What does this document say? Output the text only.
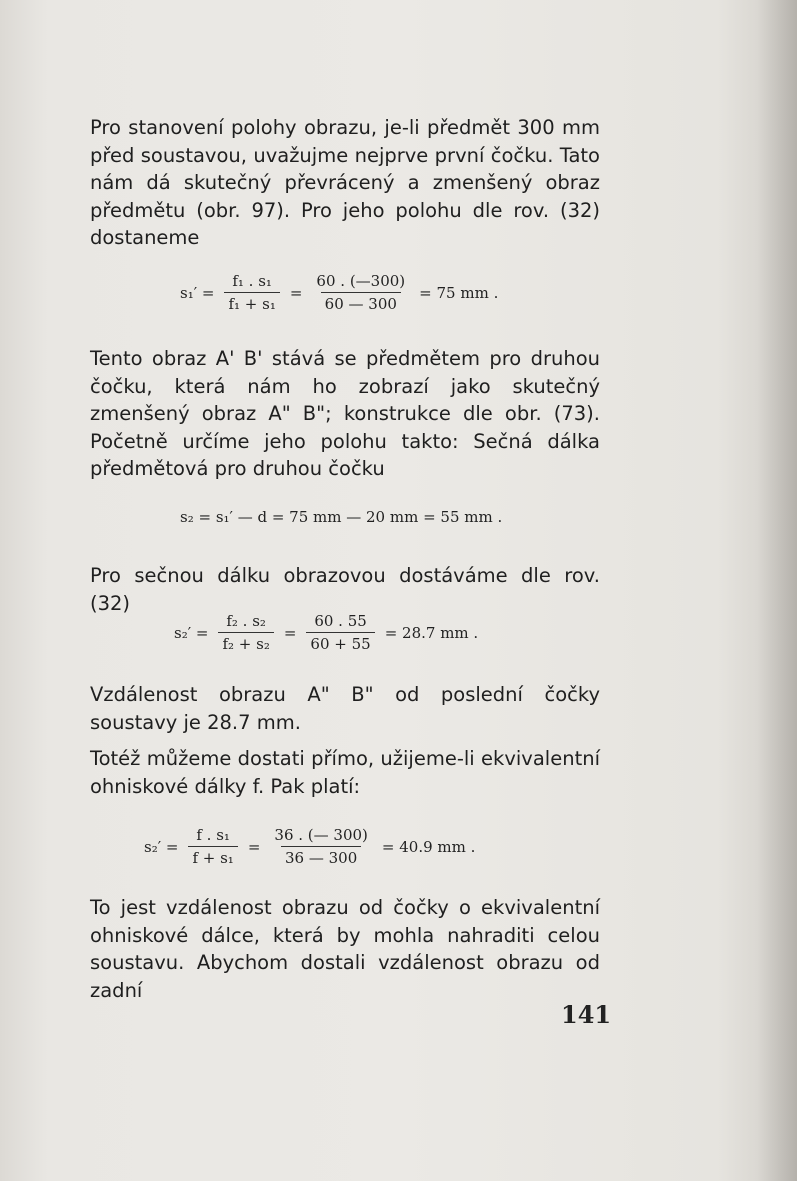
Pro stanovení polohy obrazu, je-li předmět 300 mm před soustavou, uvažujme nejprve první čočku. Tato nám dá skutečný převrácený a zmenšený obraz předmětu (obr. 97). Pro jeho polohu dle rov. (32) dostaneme

$s_1' = \frac{\text{f₁ . s₁}}{\text{f₁ + s₁}} = \frac{60 . (—300)}{60 — 300} = 75$ mm .

Tento obraz A' B' stává se předmětem pro druhou čočku, která nám ho zobrazí jako skutečný zmenšený obraz A" B"; konstrukce dle obr. (73). Početně určíme jeho polohu takto: Sečná dálka předmětová pro druhou čočku

s₂ = s₁′ — d = 75 mm — 20 mm = 55 mm .

Pro sečnou dálku obrazovou dostáváme dle rov. (32)

$s_2' = \frac{\text{f₂ . s₂}}{\text{f₂ + s₂}} = \frac{60 . 55}{60 + 55} = 28.7$ mm .

Vzdálenost obrazu A" B" od poslední čočky soustavy je 28.7 mm.

Totéž můžeme dostati přímo, užijeme-li ekvivalentní ohniskové dálky f. Pak platí:

$s_2' = \frac{\text{f . s₁}}{\text{f + s₁}} = \frac{36 . (— 300)}{36 — 300} = 40.9$ mm .

To jest vzdálenost obrazu od čočky o ekvivalentní ohniskové dálce, která by mohla nahraditi celou soustavu. Abychom dostali vzdálenost obrazu od zadní

141
